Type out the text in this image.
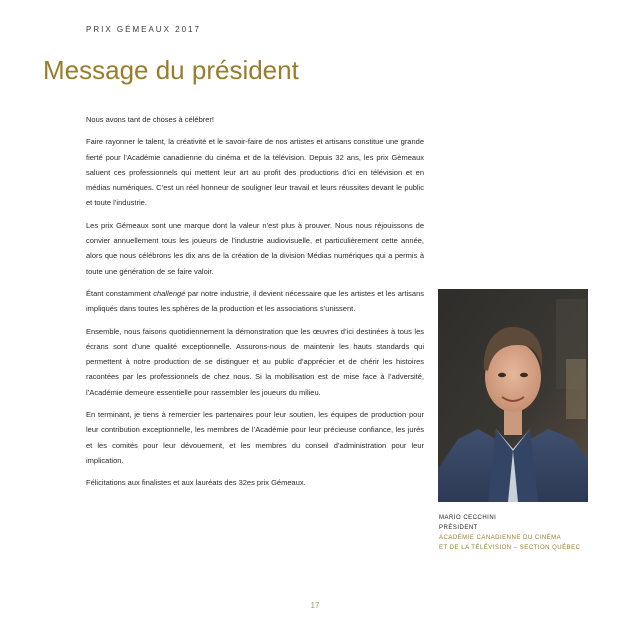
PRIX GÉMEAUX 2017
Message du président

Nous avons tant de choses à célébrer!

Faire rayonner le talent, la créativité et le savoir-faire de nos artistes et artisans constitue une grande fierté pour l’Académie canadienne du cinéma et de la télévision. Depuis 32 ans, les prix Gémeaux saluent ces professionnels qui mettent leur art au profit des productions d’ici en télévision et en médias numériques. C’est un réel honneur de souligner leur travail et leurs réussites devant le public et toute l’industrie.

Les prix Gémeaux sont une marque dont la valeur n’est plus à prouver. Nous nous réjouissons de convier annuellement tous les joueurs de l’industrie audiovisuelle, et particulièrement cette année, alors que nous célébrons les dix ans de la création de la division Médias numériques qui a permis à toute une génération de se faire valoir.

Étant constamment challengé par notre industrie, il devient nécessaire que les artistes et les artisans impliqués dans toutes les sphères de la production et les associations s’unissent.

Ensemble, nous faisons quotidiennement la démonstration que les œuvres d’ici destinées à tous les écrans sont d’une qualité exceptionnelle. Assurons-nous de maintenir les hauts standards qui permettent à notre production de se distinguer et au public d’apprécier et de chérir les histoires racontées par les professionnels de chez nous. Si la mobilisation est de mise face à l’adversité, l’Académie demeure essentielle pour rassembler les joueurs du milieu.

En terminant, je tiens à remercier les partenaires pour leur soutien, les équipes de production pour leur contribution exceptionnelle, les membres de l’Académie pour leur précieuse confiance, les jurés et les comités pour leur dévouement, et les membres du conseil d’administration pour leur implication.

Félicitations aux finalistes et aux lauréats des 32es prix Gémeaux.

MARIO CECCHINI
PRÉSIDENT
ACADÉMIE CANADIENNE DU CINÉMA
ET DE LA TÉLÉVISION – SECTION QUÉBEC
17
